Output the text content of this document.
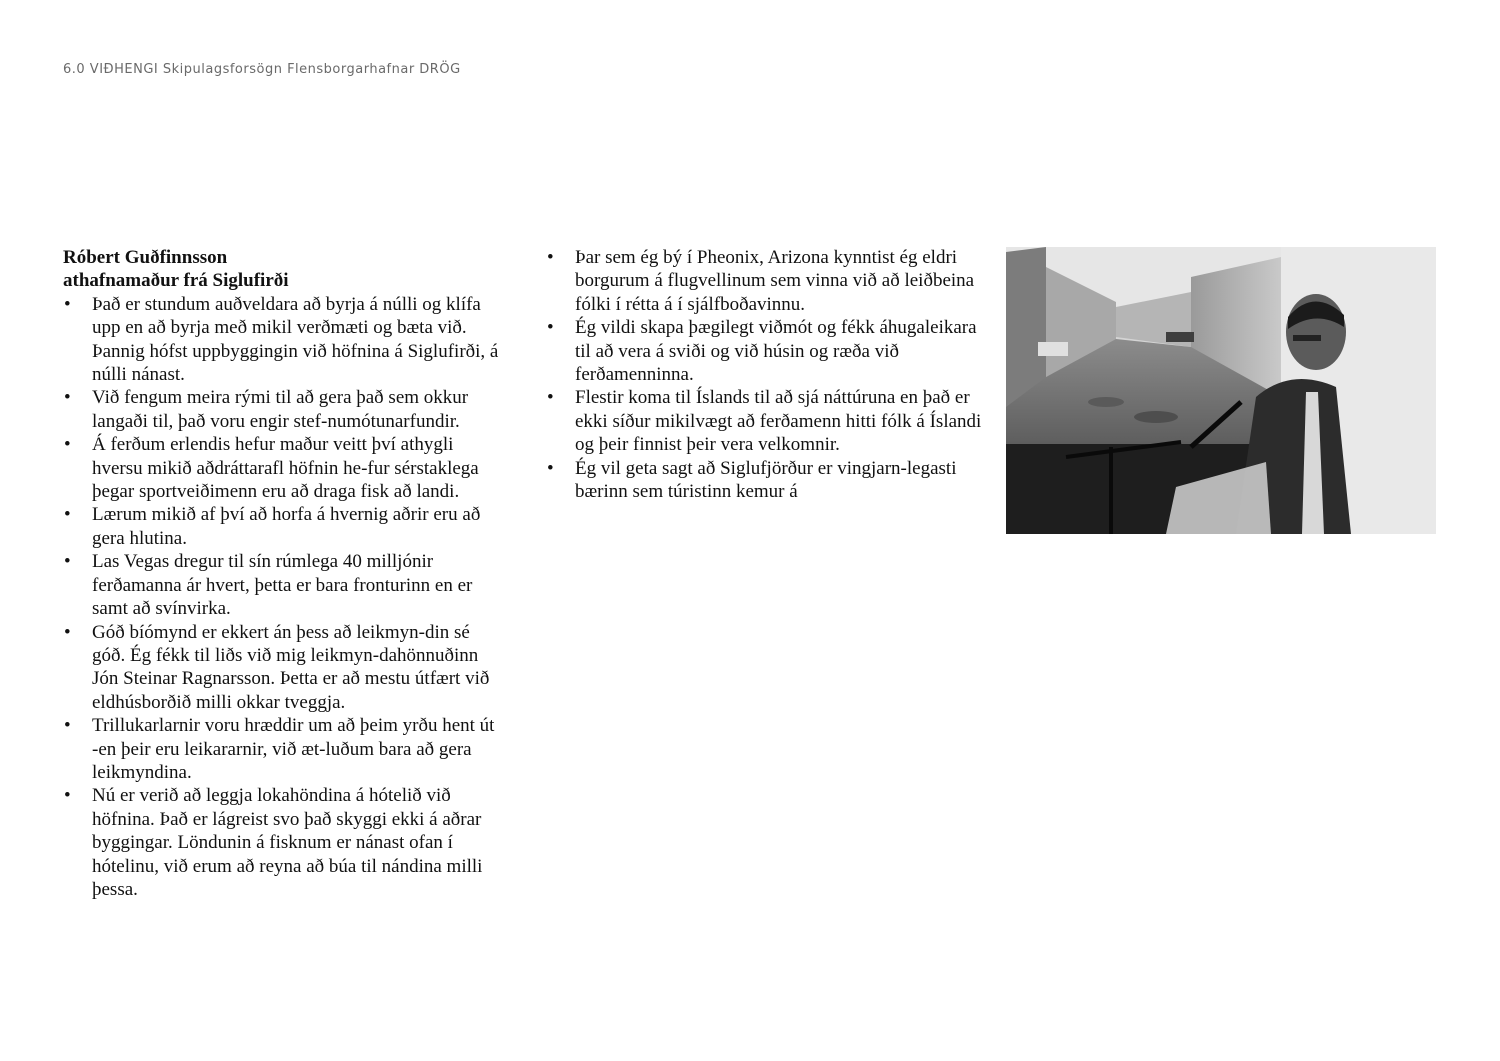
6.0 VIÐHENGI Skipulagsforsögn Flensborgarhafnar DRÖG
Róbert Guðfinnsson
athafnamaður frá Siglufirði
• Það er stundum auðveldara að byrja á núlli og klífa upp en að byrja með mikil verðmæti og bæta við. Þannig hófst uppbyggingin við höfnina á Siglufirði, á núlli nánast.
• Við fengum meira rými til að gera það sem okkur langaði til, það voru engir stef-numótunarfundir.
• Á ferðum erlendis hefur maður veitt því athygli hversu mikið aðdráttarafl höfnin he-fur sérstaklega þegar sportveiðimenn eru að draga fisk að landi.
• Lærum mikið af því að horfa á hvernig aðrir eru að gera hlutina.
• Las Vegas dregur til sín rúmlega 40 milljónir ferðamanna ár hvert, þetta er bara fronturinn en er samt að svínvirka.
• Góð bíómynd er ekkert án þess að leikmyn-din sé góð. Ég fékk til liðs við mig leikmyn-dahönnuðinn Jón Steinar Ragnarsson. Þetta er að mestu útfært við eldhúsborðið milli okkar tveggja.
• Trillukarlarnir voru hræddir um að þeim yrðu hent út -en þeir eru leikararnir, við æt-luðum bara að gera leikmyndina.
• Nú er verið að leggja lokahöndina á hótelið við höfnina. Það er lágreist svo það skyggi ekki á aðrar byggingar. Löndunin á fisknum er nánast ofan í hótelinu, við erum að reyna að búa til nándina milli þessa.
• Þar sem ég bý í Pheonix, Arizona kynntist ég eldri borgurum á flugvellinum sem vinna við að leiðbeina fólki í rétta á í sjálfboðavinnu.
• Ég vildi skapa þægilegt viðmót og fékk áhugaleikara til að vera á sviði og við húsin og ræða við ferðamenninna.
• Flestir koma til Íslands til að sjá náttúruna en það er ekki síður mikilvægt að ferðamenn hitti fólk á Íslandi og þeir finnist þeir vera velkomnir.
• Ég vil geta sagt að Siglufjörður er vingjarn-legasti bærinn sem túristinn kemur á
